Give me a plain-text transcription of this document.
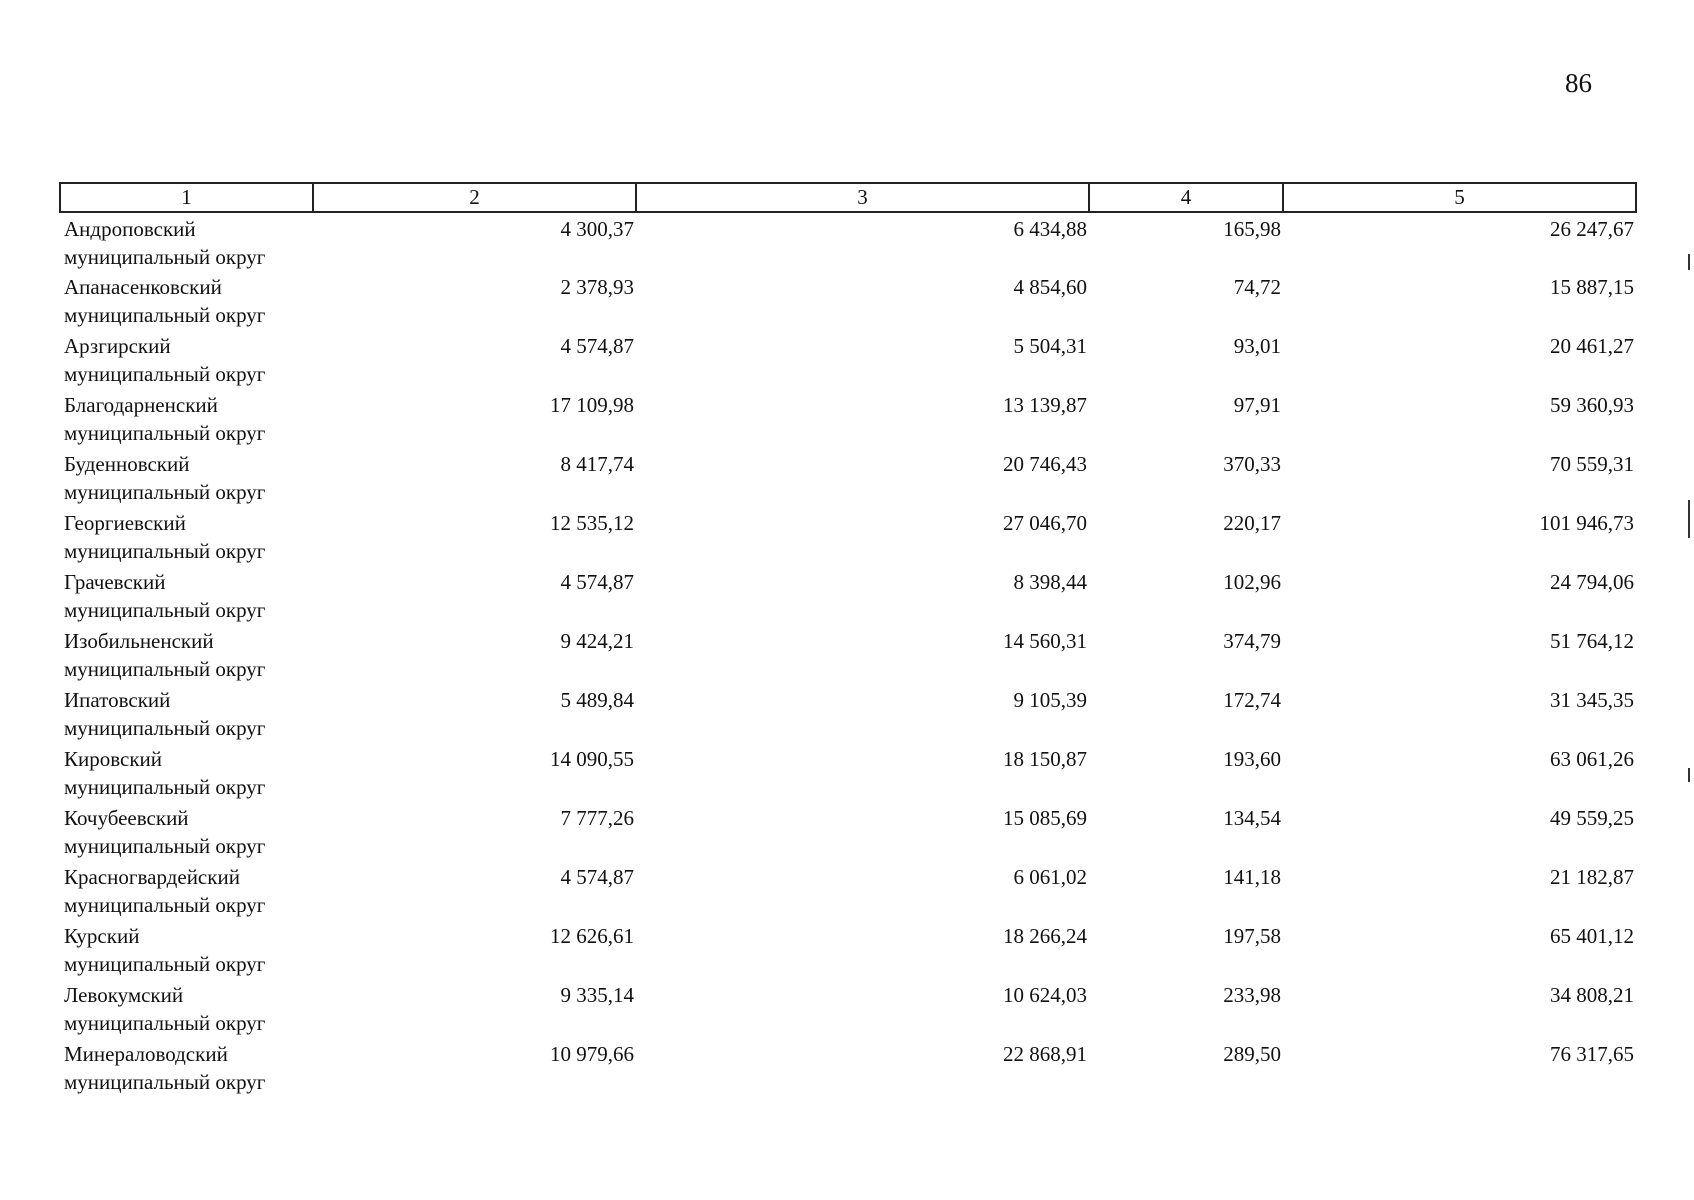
86
1	2	3	4	5

Андроповский
муниципальный округ	4 300,37	6 434,88	165,98	26 247,67

Апанасенковский
муниципальный округ	2 378,93	4 854,60	74,72	15 887,15

Арзгирский
муниципальный округ	4 574,87	5 504,31	93,01	20 461,27

Благодарненский
муниципальный округ	17 109,98	13 139,87	97,91	59 360,93

Буденновский
муниципальный округ	8 417,74	20 746,43	370,33	70 559,31

Георгиевский
муниципальный округ	12 535,12	27 046,70	220,17	101 946,73

Грачевский
муниципальный округ	4 574,87	8 398,44	102,96	24 794,06

Изобильненский
муниципальный округ	9 424,21	14 560,31	374,79	51 764,12

Ипатовский
муниципальный округ	5 489,84	9 105,39	172,74	31 345,35

Кировский
муниципальный округ	14 090,55	18 150,87	193,60	63 061,26

Кочубеевский
муниципальный округ	7 777,26	15 085,69	134,54	49 559,25

Красногвардейский
муниципальный округ	4 574,87	6 061,02	141,18	21 182,87

Курский
муниципальный округ	12 626,61	18 266,24	197,58	65 401,12

Левокумский
муниципальный округ	9 335,14	10 624,03	233,98	34 808,21

Минераловодский
муниципальный округ	10 979,66	22 868,91	289,50	76 317,65
